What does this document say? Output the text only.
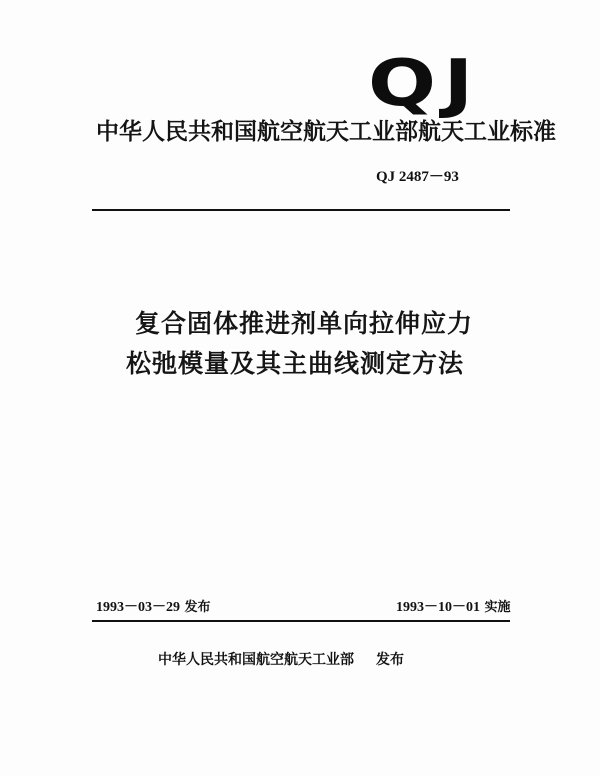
QJ
中华人民共和国航空航天工业部航天工业标准
QJ 2487－93
复合固体推进剂单向拉伸应力
松弛模量及其主曲线测定方法
1993－03－29 发布	1993－10－01 实施
中华人民共和国航空航天工业部 发布
